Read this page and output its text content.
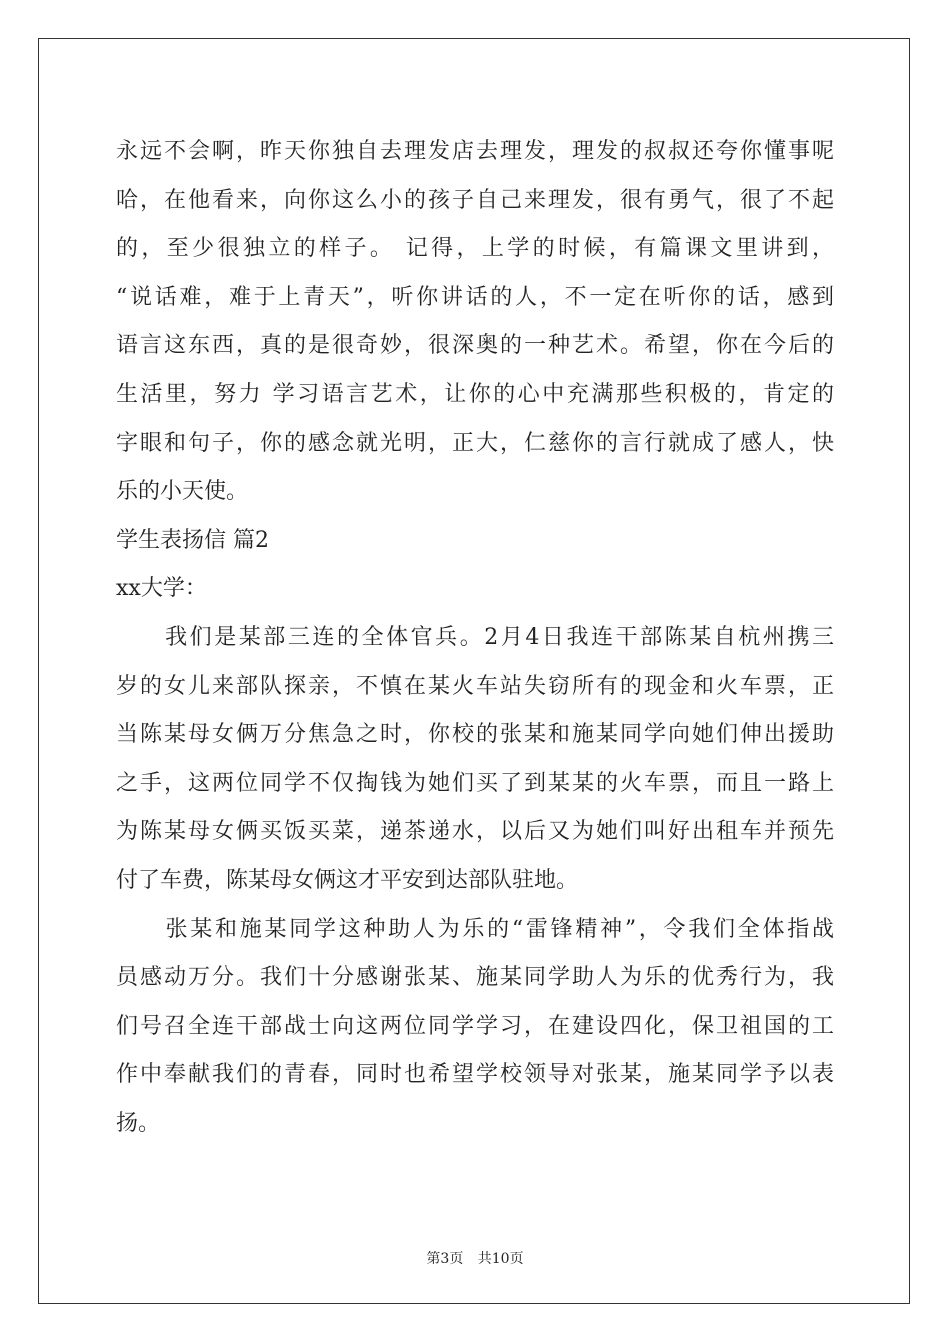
永远不会啊，昨天你独自去理发店去理发，理发的叔叔还夸你懂事呢
哈，在他看来，向你这么小的孩子自己来理发，很有勇气，很了不起
的，至少很独立的样子。 记得，上学的时候，有篇课文里讲到，
“说话难，难于上青天”，听你讲话的人，不一定在听你的话，感到
语言这东西，真的是很奇妙，很深奥的一种艺术。希望，你在今后的
生活里，努力 学习语言艺术，让你的心中充满那些积极的，肯定的
字眼和句子，你的感念就光明，正大，仁慈你的言行就成了感人，快
乐的小天使。
学生表扬信 篇2
xx大学：
　　我们是某部三连的全体官兵。2月4日我连干部陈某自杭州携三
岁的女儿来部队探亲，不慎在某火车站失窃所有的现金和火车票，正
当陈某母女俩万分焦急之时，你校的张某和施某同学向她们伸出援助
之手，这两位同学不仅掏钱为她们买了到某某的火车票，而且一路上
为陈某母女俩买饭买菜，递茶递水，以后又为她们叫好出租车并预先
付了车费，陈某母女俩这才平安到达部队驻地。
　　张某和施某同学这种助人为乐的“雷锋精神”，令我们全体指战
员感动万分。我们十分感谢张某、施某同学助人为乐的优秀行为，我
们号召全连干部战士向这两位同学学习，在建设四化，保卫祖国的工
作中奉献我们的青春，同时也希望学校领导对张某，施某同学予以表
扬。
第3页 共10页
